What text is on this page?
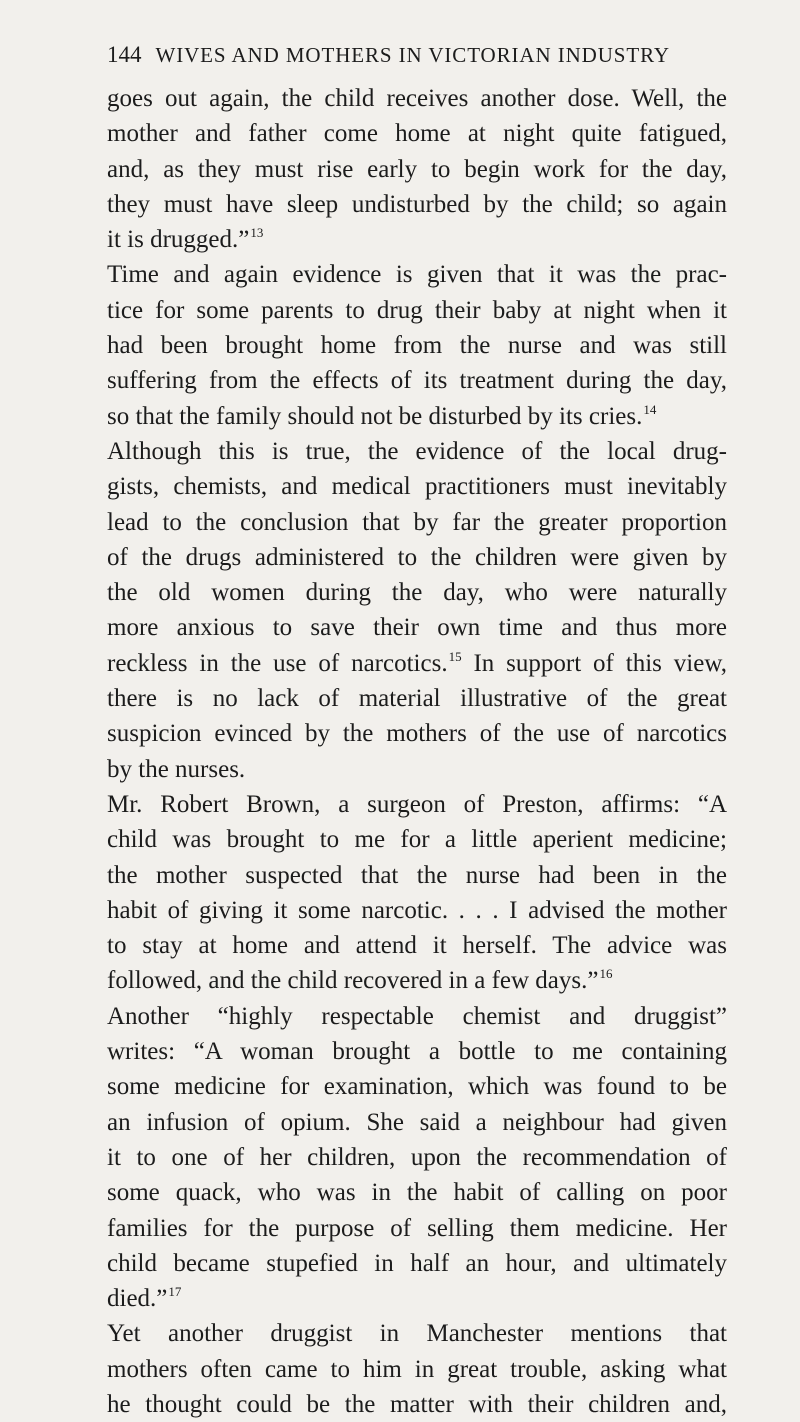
144 WIVES AND MOTHERS IN VICTORIAN INDUSTRY
goes out again, the child receives another dose. Well, the
mother and father come home at night quite fatigued,
and, as they must rise early to begin work for the day,
they must have sleep undisturbed by the child; so again
it is drugged.”$^{13}$
Time and again evidence is given that it was the prac-
tice for some parents to drug their baby at night when it
had been brought home from the nurse and was still
suffering from the effects of its treatment during the day,
so that the family should not be disturbed by its cries.$^{14}$
Although this is true, the evidence of the local drug-
gists, chemists, and medical practitioners must inevitably
lead to the conclusion that by far the greater proportion
of the drugs administered to the children were given by
the old women during the day, who were naturally
more anxious to save their own time and thus more
reckless in the use of narcotics.$^{15}$ In support of this view,
there is no lack of material illustrative of the great
suspicion evinced by the mothers of the use of narcotics
by the nurses.
Mr. Robert Brown, a surgeon of Preston, affirms: “A
child was brought to me for a little aperient medicine;
the mother suspected that the nurse had been in the
habit of giving it some narcotic. . . . I advised the mother
to stay at home and attend it herself. The advice was
followed, and the child recovered in a few days.”$^{16}$
Another “highly respectable chemist and druggist”
writes: “A woman brought a bottle to me containing
some medicine for examination, which was found to be
an infusion of opium. She said a neighbour had given
it to one of her children, upon the recommendation of
some quack, who was in the habit of calling on poor
families for the purpose of selling them medicine. Her
child became stupefied in half an hour, and ultimately
died.”$^{17}$
Yet another druggist in Manchester mentions that
mothers often came to him in great trouble, asking what
he thought could be the matter with their children and,
